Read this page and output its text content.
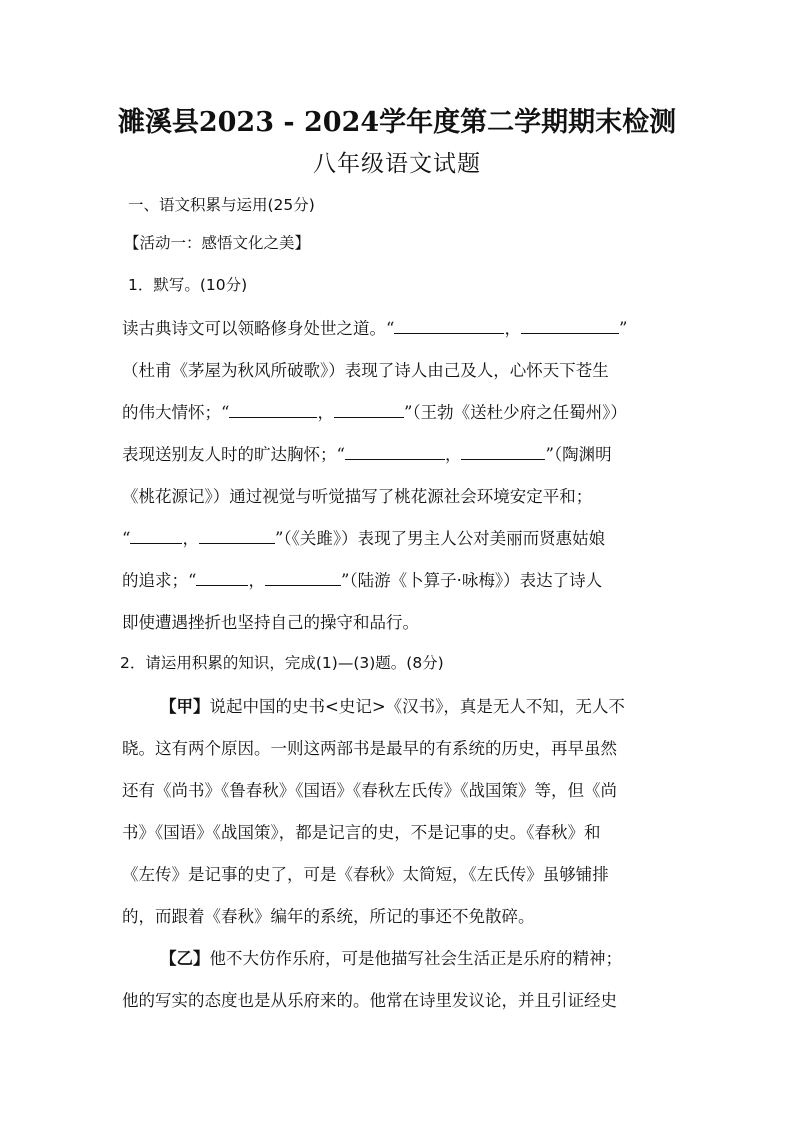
濉溪县2023 - 2024学年度第二学期期末检测
八年级语文试题
一、语文积累与运用(25分)
【活动一：感悟文化之美】
1．默写。(10分)
读古典诗文可以领略修身处世之道。“	，	”
（杜甫《茅屋为秋风所破歌》）表现了诗人由己及人，心怀天下苍生
的伟大情怀；“	，	”（王勃《送杜少府之任蜀州》）
表现送别友人时的旷达胸怀；“	，	”（陶渊明
《桃花源记》）通过视觉与听觉描写了桃花源社会环境安定平和；
“	，	”（《关雎》）表现了男主人公对美丽而贤惠姑娘
的追求；“	，	”（陆游《卜算子·咏梅》）表达了诗人
即使遭遇挫折也坚持自己的操守和品行。
2．请运用积累的知识，完成(1)—(3)题。(8分)
【甲】说起中国的史书<史记>《汉书》，真是无人不知，无人不
晓。这有两个原因。一则这两部书是最早的有系统的历史，再早虽然
还有《尚书》《鲁春秋》《国语》《春秋左氏传》《战国策》等，但《尚
书》《国语》《战国策》，都是记言的史，不是记事的史。《春秋》和
《左传》是记事的史了，可是《春秋》太简短，《左氏传》虽够铺排
的，而跟着《春秋》编年的系统，所记的事还不免散碎。
【乙】他不大仿作乐府，可是他描写社会生活正是乐府的精神；
他的写实的态度也是从乐府来的。他常在诗里发议论，并且引证经史
